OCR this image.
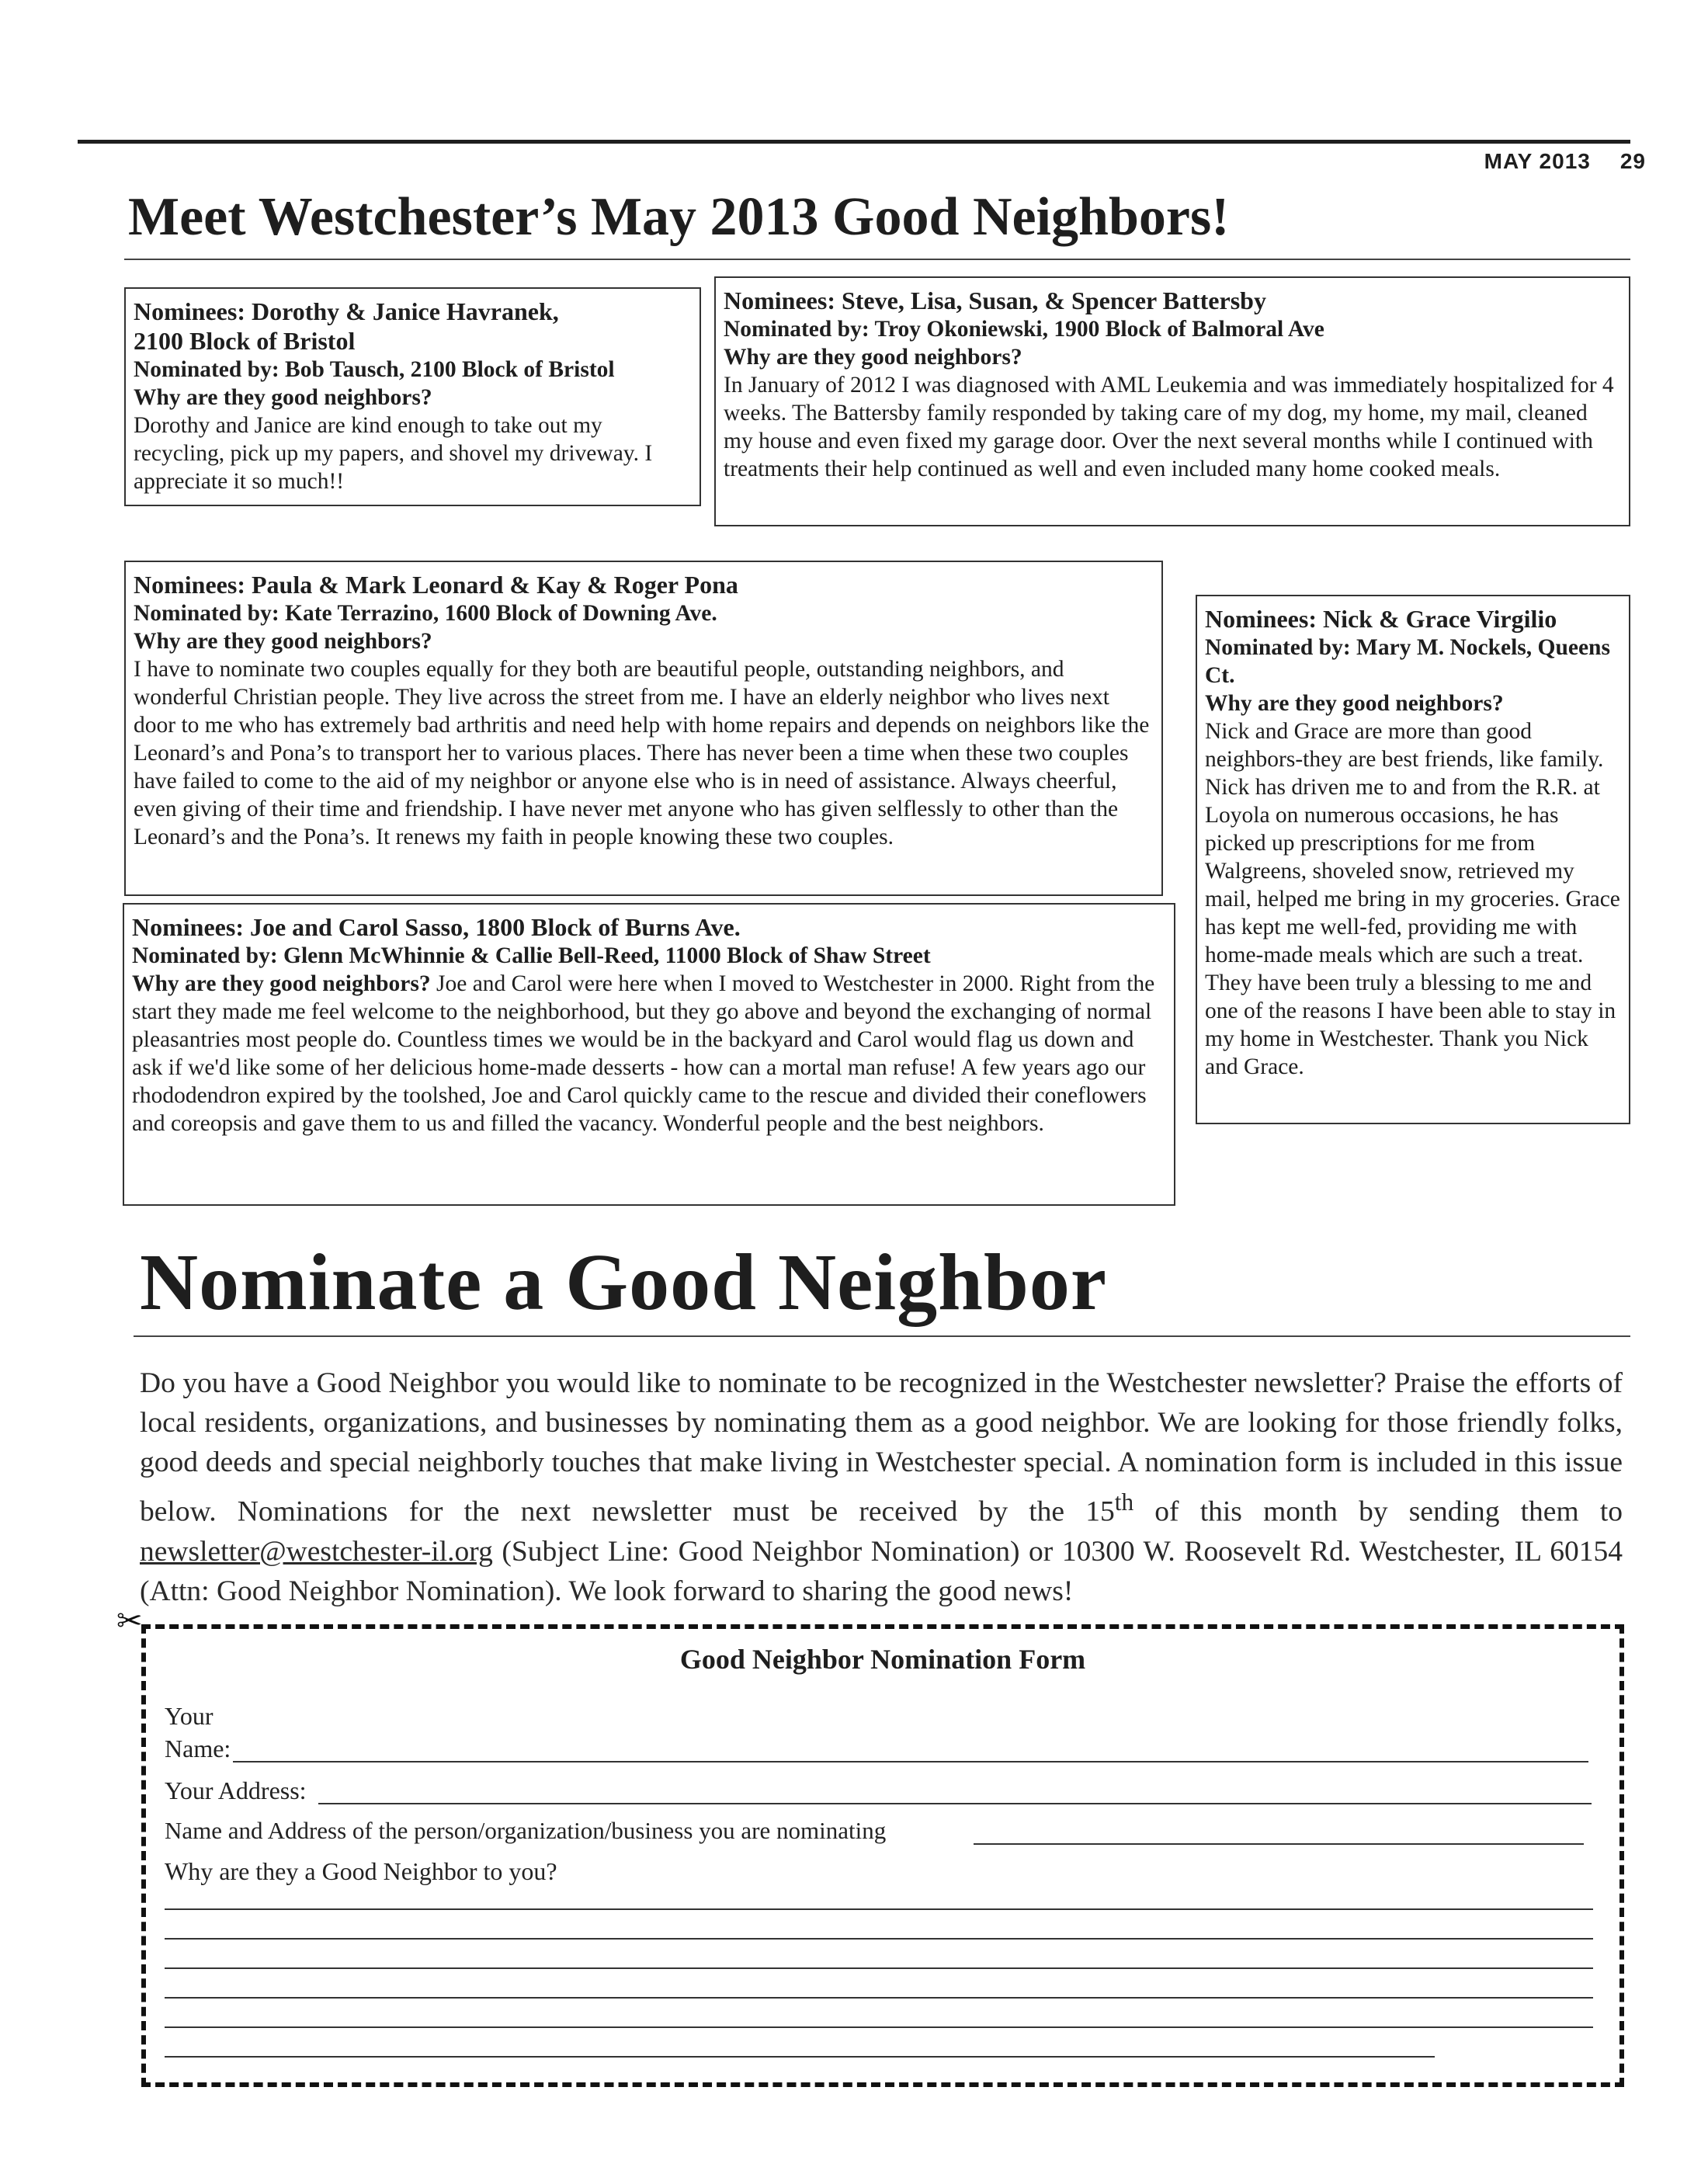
MAY 2013 29
Meet Westchester’s May 2013 Good Neighbors!
Nominees: Dorothy & Janice Havranek,
2100 Block of Bristol
Nominated by: Bob Tausch, 2100 Block of Bristol
Why are they good neighbors?
Dorothy and Janice are kind enough to take out my recycling, pick up my papers, and shovel my driveway. I appreciate it so much!!
Nominees: Steve, Lisa, Susan, & Spencer Battersby
Nominated by: Troy Okoniewski, 1900 Block of Balmoral Ave
Why are they good neighbors?
In January of 2012 I was diagnosed with AML Leukemia and was immediately hospitalized for 4 weeks. The Battersby family responded by taking care of my dog, my home, my mail, cleaned my house and even fixed my garage door. Over the next several months while I continued with treatments their help continued as well and even included many home cooked meals.
Nominees: Paula & Mark Leonard & Kay & Roger Pona
Nominated by: Kate Terrazino, 1600 Block of Downing Ave.
Why are they good neighbors?
I have to nominate two couples equally for they both are beautiful people, outstanding neighbors, and wonderful Christian people. They live across the street from me. I have an elderly neighbor who lives next door to me who has extremely bad arthritis and need help with home repairs and depends on neighbors like the Leonard’s and Pona’s to transport her to various places. There has never been a time when these two couples have failed to come to the aid of my neighbor or anyone else who is in need of assistance. Always cheerful, even giving of their time and friendship. I have never met anyone who has given selflessly to other than the Leonard’s and the Pona’s. It renews my faith in people knowing these two couples.
Nominees: Nick & Grace Virgilio
Nominated by: Mary M. Nockels, Queens Ct.
Why are they good neighbors?
Nick and Grace are more than good neighbors-they are best friends, like family. Nick has driven me to and from the R.R. at Loyola on numerous occasions, he has picked up prescriptions for me from Walgreens, shoveled snow, retrieved my mail, helped me bring in my groceries. Grace has kept me well-fed, providing me with home-made meals which are such a treat. They have been truly a blessing to me and one of the reasons I have been able to stay in my home in Westchester. Thank you Nick and Grace.
Nominees: Joe and Carol Sasso, 1800 Block of Burns Ave.
Nominated by: Glenn McWhinnie & Callie Bell-Reed, 11000 Block of Shaw Street
Why are they good neighbors? Joe and Carol were here when I moved to Westchester in 2000. Right from the start they made me feel welcome to the neighborhood, but they go above and beyond the exchanging of normal pleasantries most people do. Countless times we would be in the backyard and Carol would flag us down and ask if we'd like some of her delicious home-made desserts - how can a mortal man refuse! A few years ago our rhododendron expired by the toolshed, Joe and Carol quickly came to the rescue and divided their coneflowers and coreopsis and gave them to us and filled the vacancy. Wonderful people and the best neighbors.
Nominate a Good Neighbor
Do you have a Good Neighbor you would like to nominate to be recognized in the Westchester newsletter? Praise the efforts of local residents, organizations, and businesses by nominating them as a good neighbor. We are looking for those friendly folks, good deeds and special neighborly touches that make living in Westchester special. A nomination form is included in this issue below. Nominations for the next newsletter must be received by the 15th of this month by sending them to newsletter@westchester-il.org (Subject Line: Good Neighbor Nomination) or 10300 W. Roosevelt Rd. Westchester, IL 60154 (Attn: Good Neighbor Nomination). We look forward to sharing the good news!
✂
Good Neighbor Nomination Form
Your
Name:
Your Address:
Name and Address of the person/organization/business you are nominating
Why are they a Good Neighbor to you?
